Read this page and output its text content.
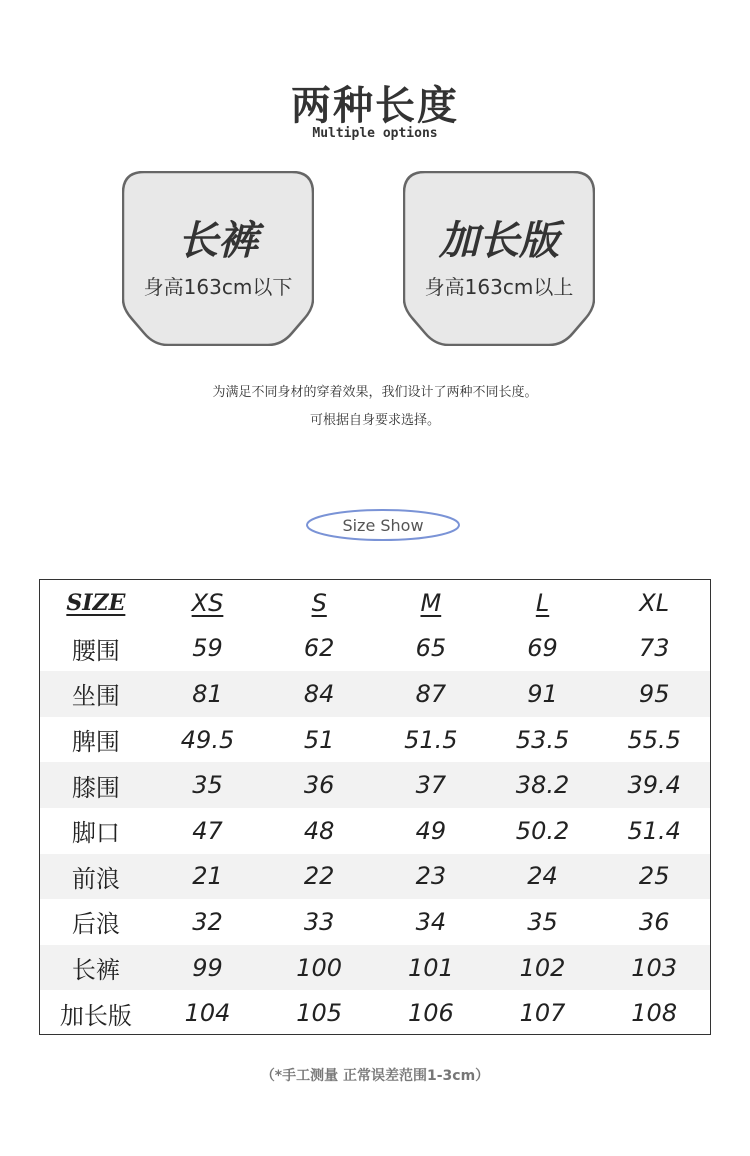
两种长度
Multiple options
长裤
身高163cm以下
加长版
身高163cm以上
为满足不同身材的穿着效果，我们设计了两种不同长度。
可根据自身要求选择。
Size Show
SIZE	XS	S	M	L	XL
腰围	59	62	65	69	73
坐围	81	84	87	91	95
脾围	49.5	51	51.5	53.5	55.5
膝围	35	36	37	38.2	39.4
脚口	47	48	49	50.2	51.4
前浪	21	22	23	24	25
后浪	32	33	34	35	36
长裤	99	100	101	102	103
加长版	104	105	106	107	108
（*手工测量 正常误差范围1-3cm）
